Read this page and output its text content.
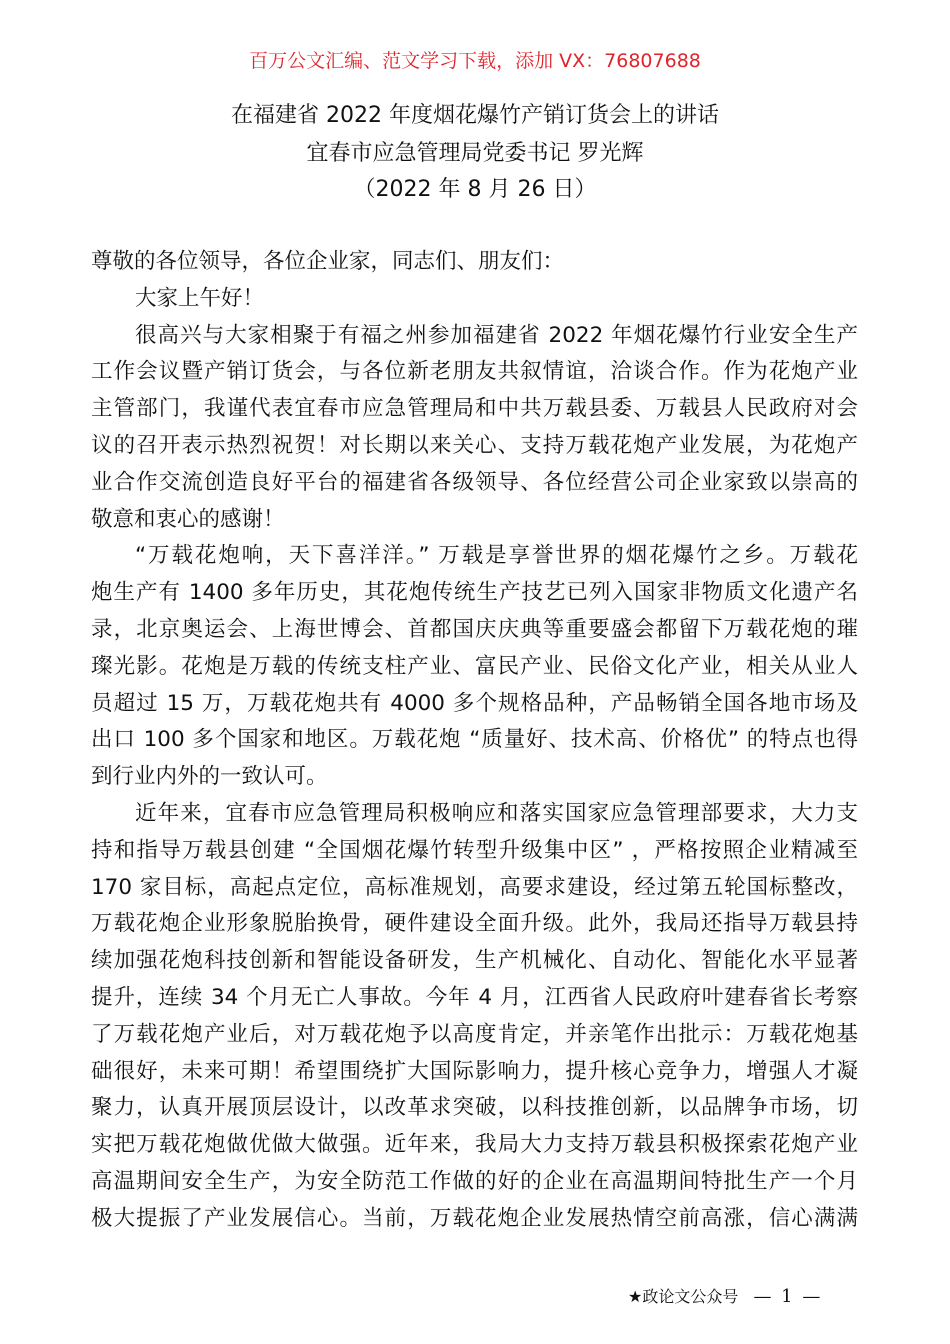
百万公文汇编、范文学习下载，添加 VX：76807688
在福建省 2022 年度烟花爆竹产销订货会上的讲话
宜春市应急管理局党委书记 罗光辉
（2022 年 8 月 26 日）
尊敬的各位领导，各位企业家，同志们、朋友们：
大家上午好！
很高兴与大家相聚于有福之州参加福建省 2022 年烟花爆竹行业安全生产
工作会议暨产销订货会，与各位新老朋友共叙情谊，洽谈合作。作为花炮产业
主管部门，我谨代表宜春市应急管理局和中共万载县委、万载县人民政府对会
议的召开表示热烈祝贺！对长期以来关心、支持万载花炮产业发展，为花炮产
业合作交流创造良好平台的福建省各级领导、各位经营公司企业家致以崇高的
敬意和衷心的感谢！
“万载花炮响，天下喜洋洋。” 万载是享誉世界的烟花爆竹之乡。万载花
炮生产有 1400 多年历史，其花炮传统生产技艺已列入国家非物质文化遗产名
录，北京奥运会、上海世博会、首都国庆庆典等重要盛会都留下万载花炮的璀
璨光影。花炮是万载的传统支柱产业、富民产业、民俗文化产业，相关从业人
员超过 15 万，万载花炮共有 4000 多个规格品种，产品畅销全国各地市场及
出口 100 多个国家和地区。万载花炮 “质量好、技术高、价格优” 的特点也得
到行业内外的一致认可。
近年来，宜春市应急管理局积极响应和落实国家应急管理部要求，大力支
持和指导万载县创建 “全国烟花爆竹转型升级集中区” ，严格按照企业精减至
170 家目标，高起点定位，高标准规划，高要求建设，经过第五轮国标整改，
万载花炮企业形象脱胎换骨，硬件建设全面升级。此外，我局还指导万载县持
续加强花炮科技创新和智能设备研发，生产机械化、自动化、智能化水平显著
提升，连续 34 个月无亡人事故。今年 4 月，江西省人民政府叶建春省长考察
了万载花炮产业后，对万载花炮予以高度肯定，并亲笔作出批示：万载花炮基
础很好，未来可期！希望围绕扩大国际影响力，提升核心竞争力，增强人才凝
聚力，认真开展顶层设计，以改革求突破，以科技推创新，以品牌争市场，切
实把万载花炮做优做大做强。近年来，我局大力支持万载县积极探索花炮产业
高温期间安全生产，为安全防范工作做的好的企业在高温期间特批生产一个月
极大提振了产业发展信心。当前，万载花炮企业发展热情空前高涨，信心满满
★政论文公众号 — 1 —
